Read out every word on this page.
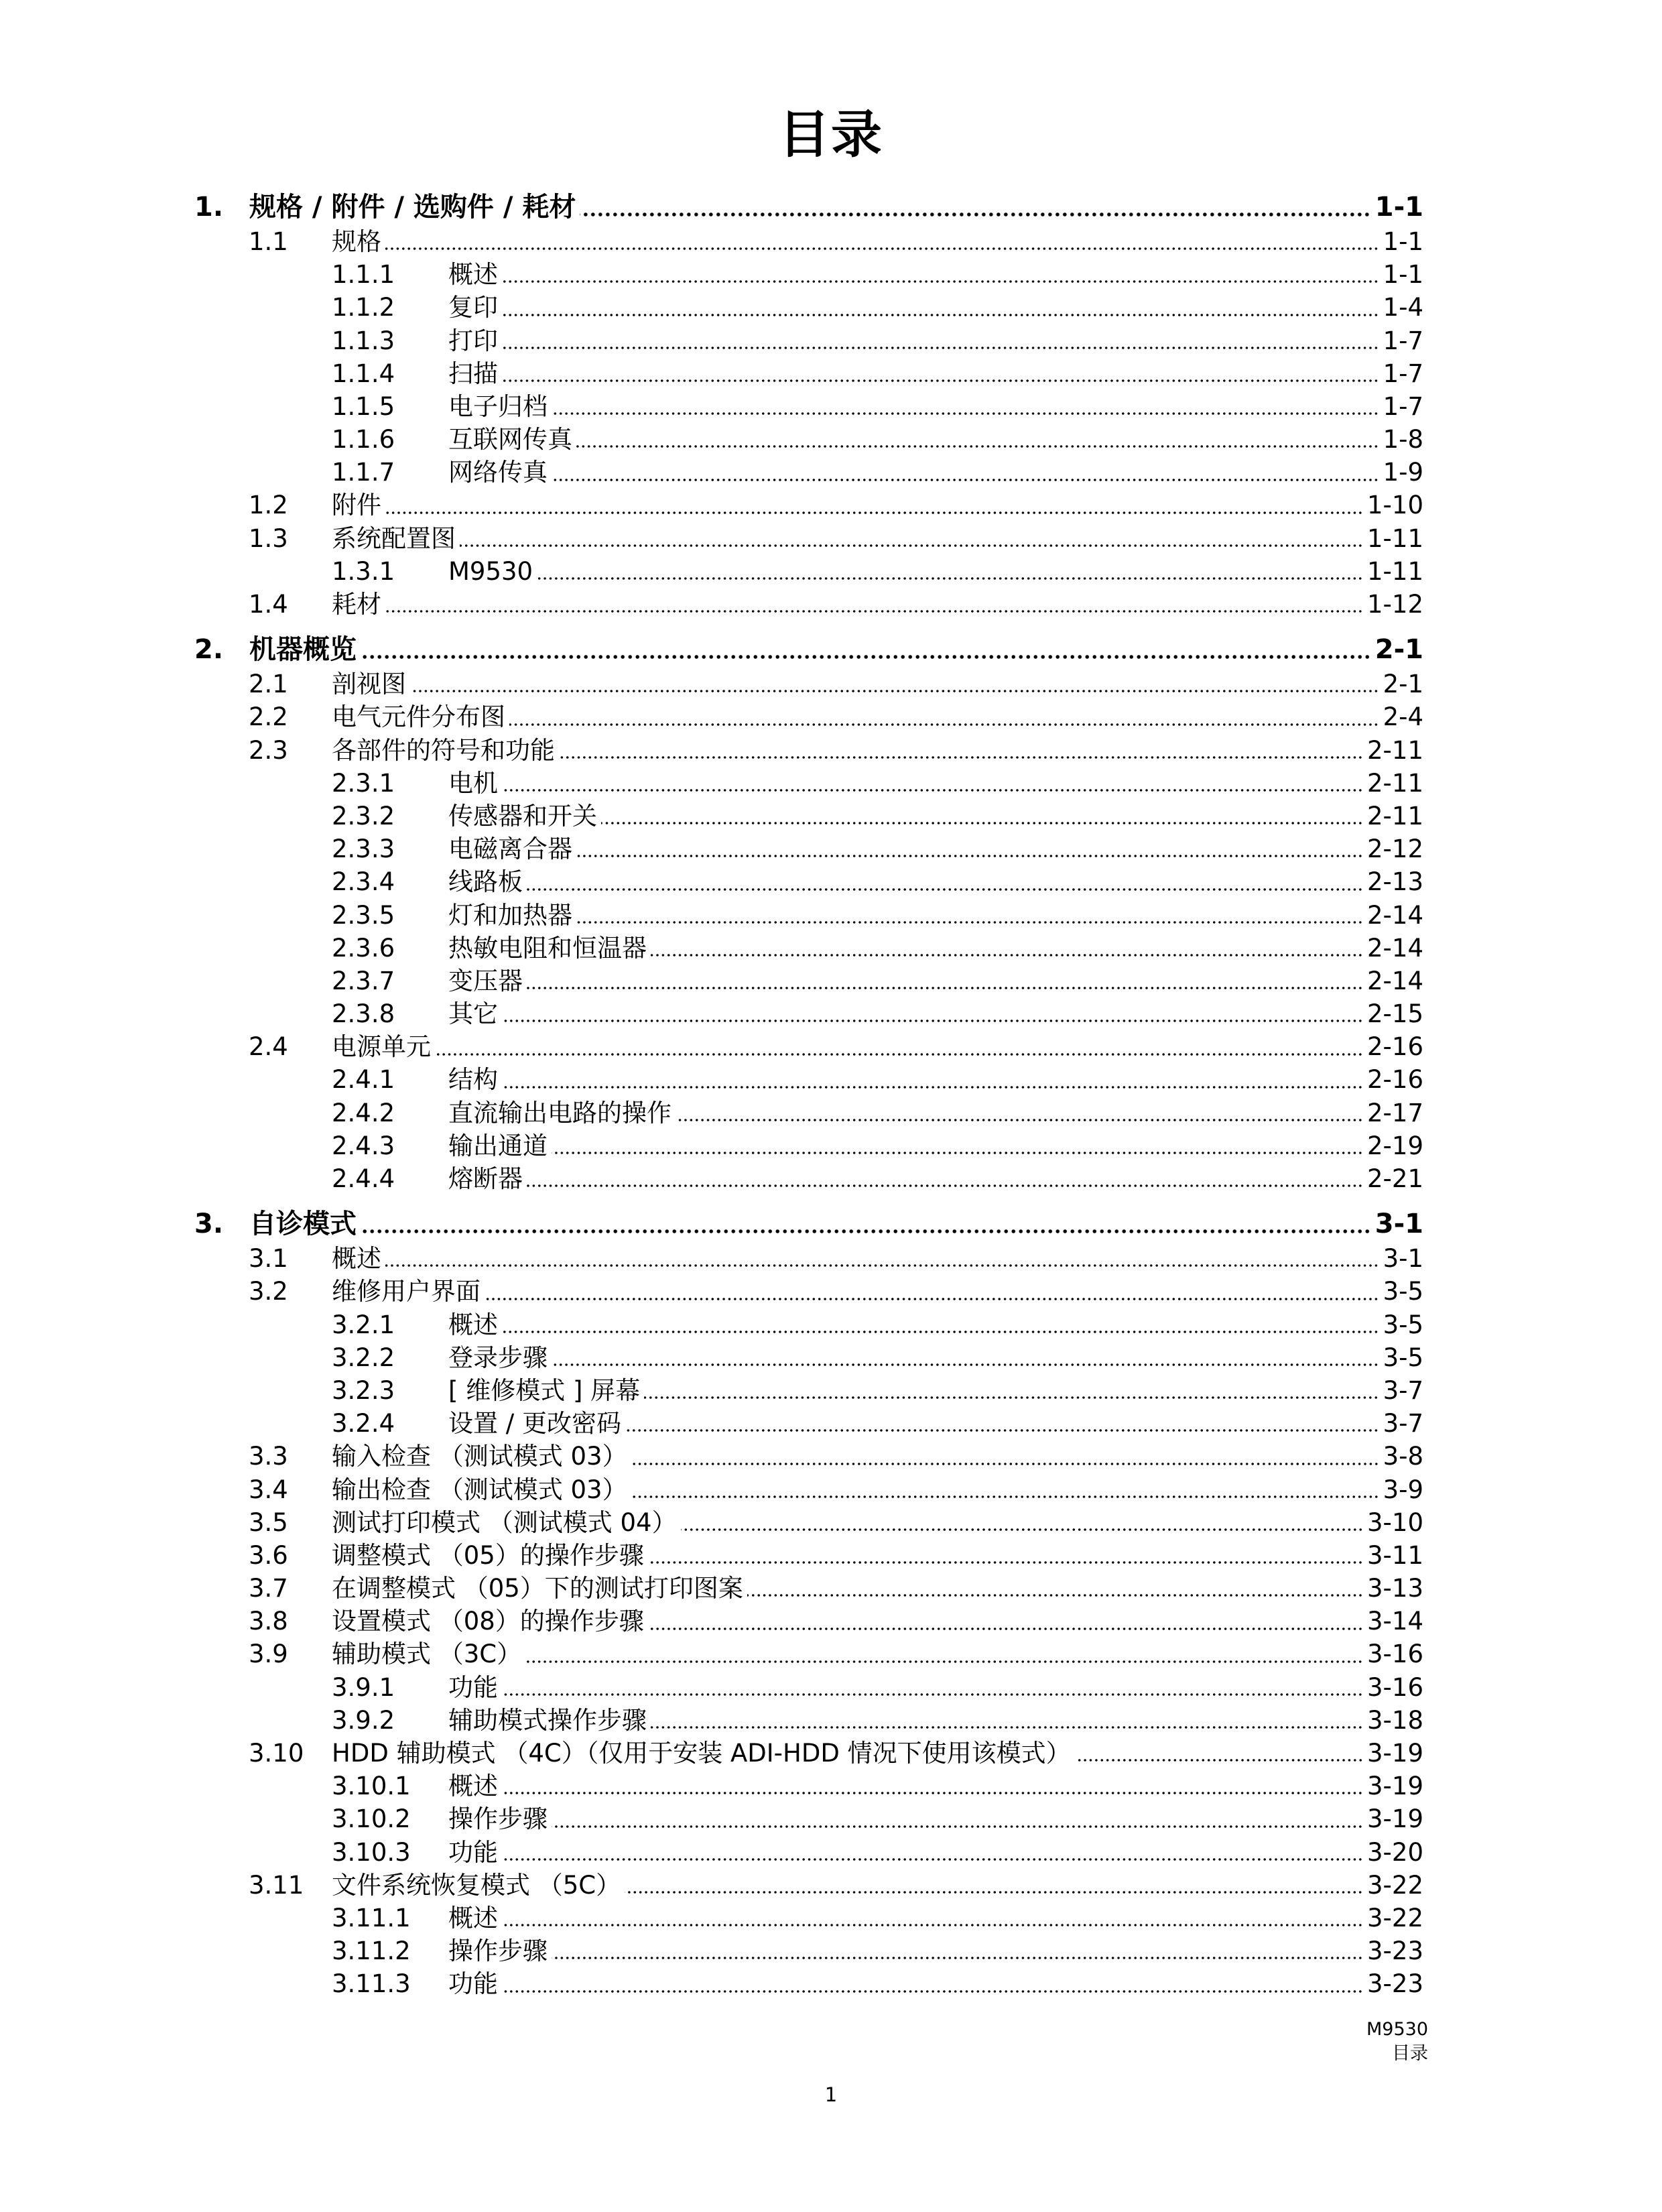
目录
1. 规格 / 附件 / 选购件 / 耗材	1-1
1.1	规格	1-1
1.1.1	概述	1-1
1.1.2	复印	1-4
1.1.3	打印	1-7
1.1.4	扫描	1-7
1.1.5	电子归档	1-7
1.1.6	互联网传真	1-8
1.1.7	网络传真	1-9
1.2	附件	1-10
1.3	系统配置图	1-11
1.3.1	M9530	1-11
1.4	耗材	1-12
2. 机器概览	2-1
2.1	剖视图	2-1
2.2	电气元件分布图	2-4
2.3	各部件的符号和功能	2-11
2.3.1	电机	2-11
2.3.2	传感器和开关	2-11
2.3.3	电磁离合器	2-12
2.3.4	线路板	2-13
2.3.5	灯和加热器	2-14
2.3.6	热敏电阻和恒温器	2-14
2.3.7	变压器	2-14
2.3.8	其它	2-15
2.4	电源单元	2-16
2.4.1	结构	2-16
2.4.2	直流输出电路的操作	2-17
2.4.3	输出通道	2-19
2.4.4	熔断器	2-21
3. 自诊模式	3-1
3.1	概述	3-1
3.2	维修用户界面	3-5
3.2.1	概述	3-5
3.2.2	登录步骤	3-5
3.2.3	[ 维修模式 ] 屏幕	3-7
3.2.4	设置 / 更改密码	3-7
3.3	输入检查 （测试模式 03）	3-8
3.4	输出检查 （测试模式 03）	3-9
3.5	测试打印模式 （测试模式 04）	3-10
3.6	调整模式 （05）的操作步骤	3-11
3.7	在调整模式 （05）下的测试打印图案	3-13
3.8	设置模式 （08）的操作步骤	3-14
3.9	辅助模式 （3C）	3-16
3.9.1	功能	3-16
3.9.2	辅助模式操作步骤	3-18
3.10	HDD 辅助模式 （4C）（仅用于安装 ADI-HDD 情况下使用该模式）	3-19
3.10.1	概述	3-19
3.10.2	操作步骤	3-19
3.10.3	功能	3-20
3.11	文件系统恢复模式 （5C）	3-22
3.11.1	概述	3-22
3.11.2	操作步骤	3-23
3.11.3	功能	3-23
M9530
目录
1
